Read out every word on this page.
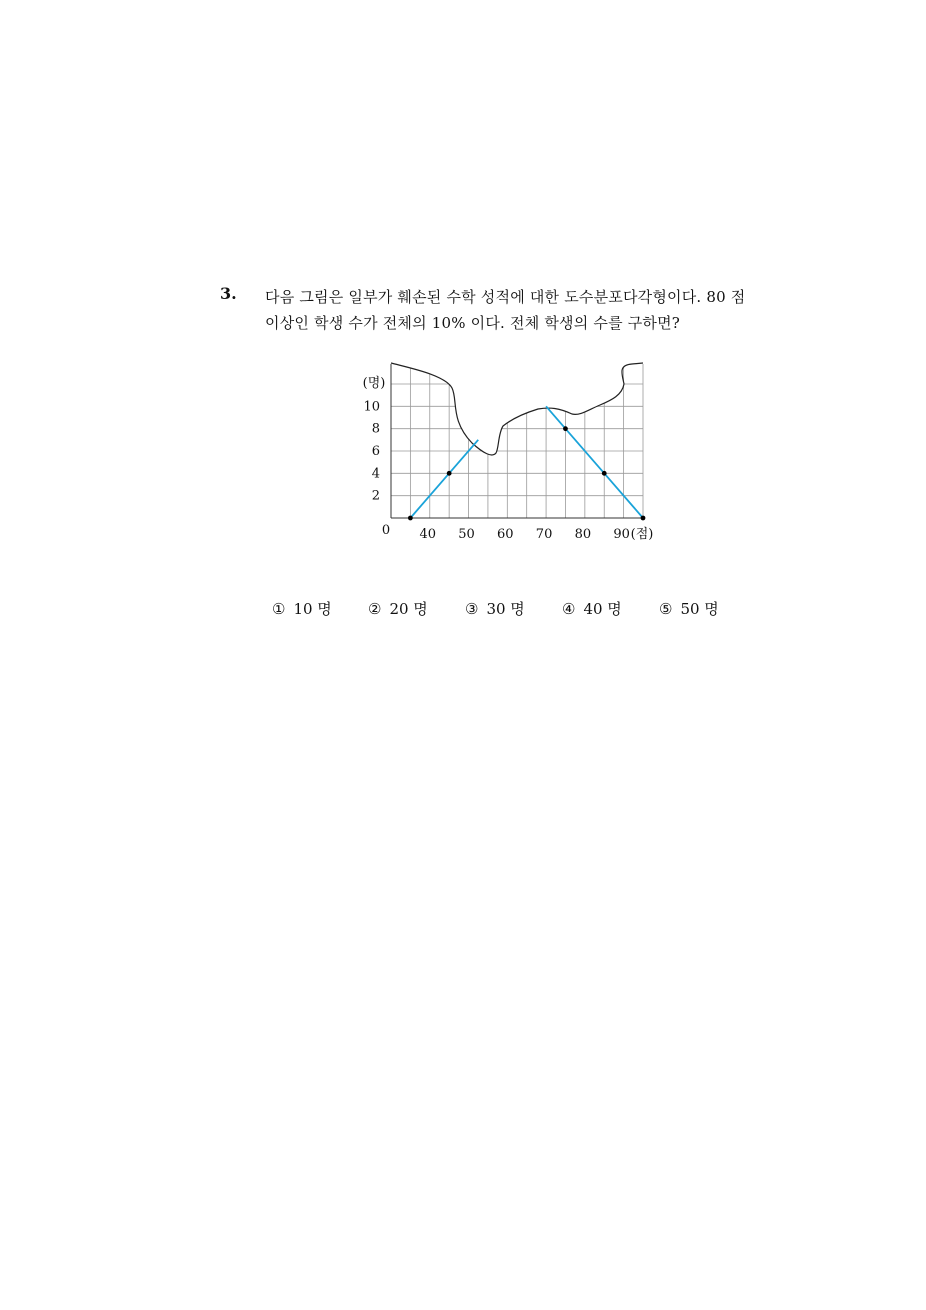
3. 다음 그림은 일부가 훼손된 수학 성적에 대한 도수분포다각형이다. 80 점
이상인 학생 수가 전체의 10% 이다. 전체 학생의 수를 구하면?
2
4
6
8
10
40 50 60 70 80 90
0
(명)
(점)
① 10 명 ② 20 명 ③ 30 명 ④ 40 명 ⑤ 50 명
